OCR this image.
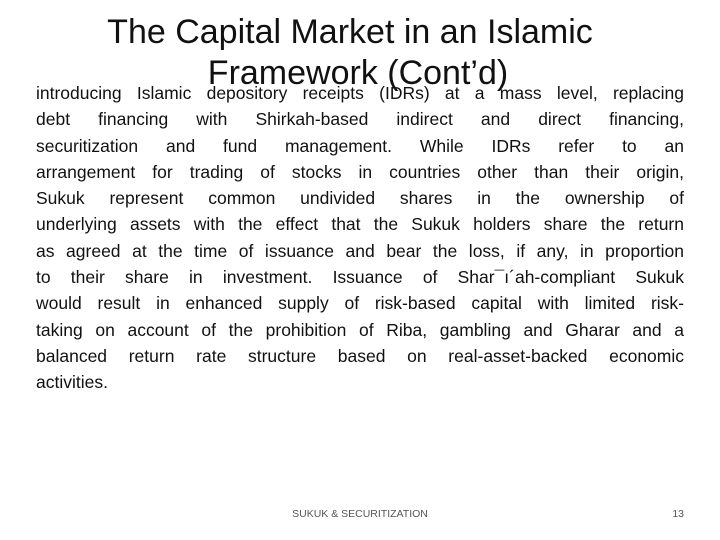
introducing Islamic depository receipts (IDRs) at a mass level, replacing
debt financing with Shirkah-based indirect and direct financing,
securitization and fund management. While IDRs refer to an
arrangement for trading of stocks in countries other than their origin,
Sukuk represent common undivided shares in the ownership of
underlying assets with the effect that the Sukuk holders share the return
as agreed at the time of issuance and bear the loss, if any, in proportion
to their share in investment. Issuance of Shar¯ı´ah-compliant Sukuk
would result in enhanced supply of risk-based capital with limited risk-
taking on account of the prohibition of Riba, gambling and Gharar and a
balanced return rate structure based on real-asset-backed economic
activities.
The Capital Market in an Islamic
Framework (Cont’d)
SUKUK & SECURITIZATION	13
